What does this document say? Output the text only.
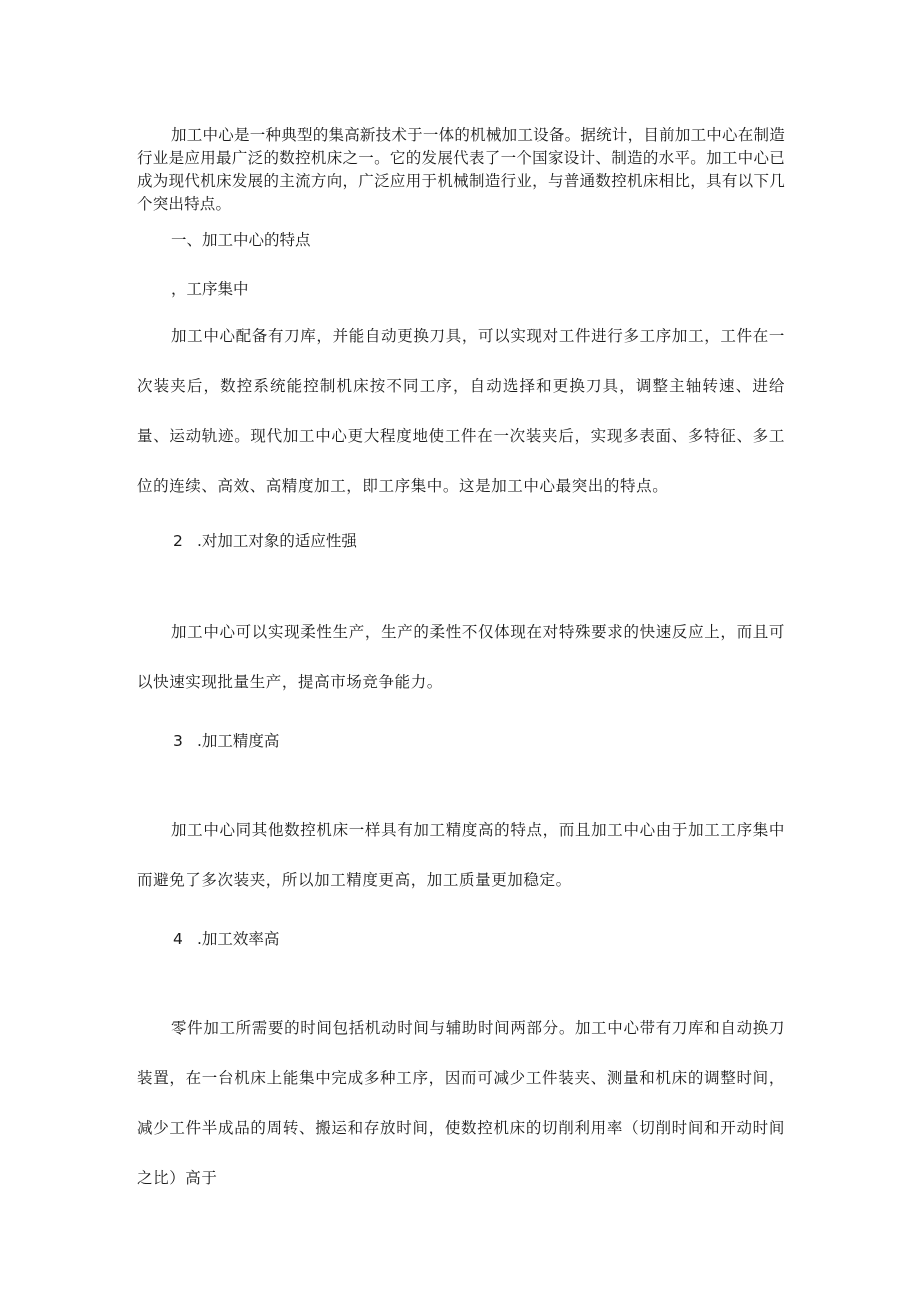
加工中心是一种典型的集高新技术于一体的机械加工设备。据统计，目前加工中心在制造行业是应用最广泛的数控机床之一。它的发展代表了一个国家设计、制造的水平。加工中心已成为现代机床发展的主流方向，广泛应用于机械制造行业，与普通数控机床相比，具有以下几个突出特点。

一、加工中心的特点
，工序集中

加工中心配备有刀库，并能自动更换刀具，可以实现对工件进行多工序加工，工件在一次装夹后，数控系统能控制机床按不同工序，自动选择和更换刀具，调整主轴转速、进给量、运动轨迹。现代加工中心更大程度地使工件在一次装夹后，实现多表面、多特征、多工位的连续、高效、高精度加工，即工序集中。这是加工中心最突出的特点。

2 .对加工对象的适应性强

加工中心可以实现柔性生产，生产的柔性不仅体现在对特殊要求的快速反应上，而且可以快速实现批量生产，提高市场竞争能力。

3 .加工精度高

加工中心同其他数控机床一样具有加工精度高的特点，而且加工中心由于加工工序集中而避免了多次装夹，所以加工精度更高，加工质量更加稳定。

4 .加工效率高

零件加工所需要的时间包括机动时间与辅助时间两部分。加工中心带有刀库和自动换刀装置，在一台机床上能集中完成多种工序，因而可减少工件装夹、测量和机床的调整时间，减少工件半成品的周转、搬运和存放时间，使数控机床的切削利用率（切削时间和开动时间之比）高于
